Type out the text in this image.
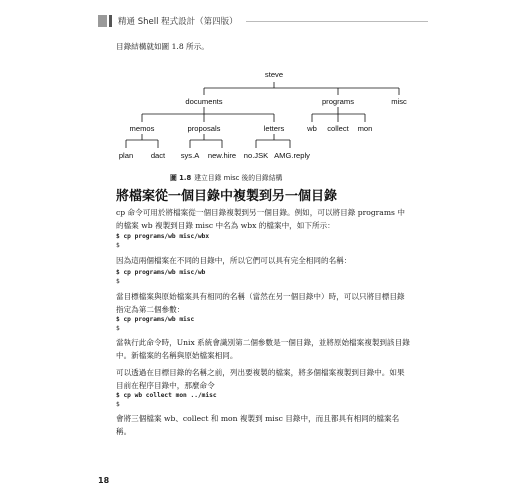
精通 Shell 程式設計（第四版）
目錄結構就如圖 1.8 所示。
steve
documents	programs	misc
memos	proposals	letters	wb collect mon
plan dact sys.A new.hire no.JSK AMG.reply
圖 1.8 建立目錄 misc 後的目錄結構
將檔案從一個目錄中複製到另一個目錄

cp 命令可用於將檔案從一個目錄複製到另一個目錄。例如，可以將目錄 programs 中的檔案 wb 複製到目錄 misc 中名為 wbx 的檔案中，如下所示：

$ cp programs/wb misc/wbx
$

因為這兩個檔案在不同的目錄中，所以它們可以具有完全相同的名稱：

$ cp programs/wb misc/wb
$

當目標檔案與原始檔案具有相同的名稱（當然在另一個目錄中）時，可以只將目標目錄指定為第二個參數：

$ cp programs/wb misc
$

當執行此命令時，Unix 系統會識別第二個參數是一個目錄，並將原始檔案複製到該目錄中。新檔案的名稱與原始檔案相同。

可以透過在目標目錄的名稱之前，列出要複製的檔案，將多個檔案複製到目錄中。如果目前在程序目錄中，那麼命令

$ cp wb collect mon ../misc
$

會將三個檔案 wb、collect 和 mon 複製到 misc 目錄中，而且都具有相同的檔案名稱。

18
